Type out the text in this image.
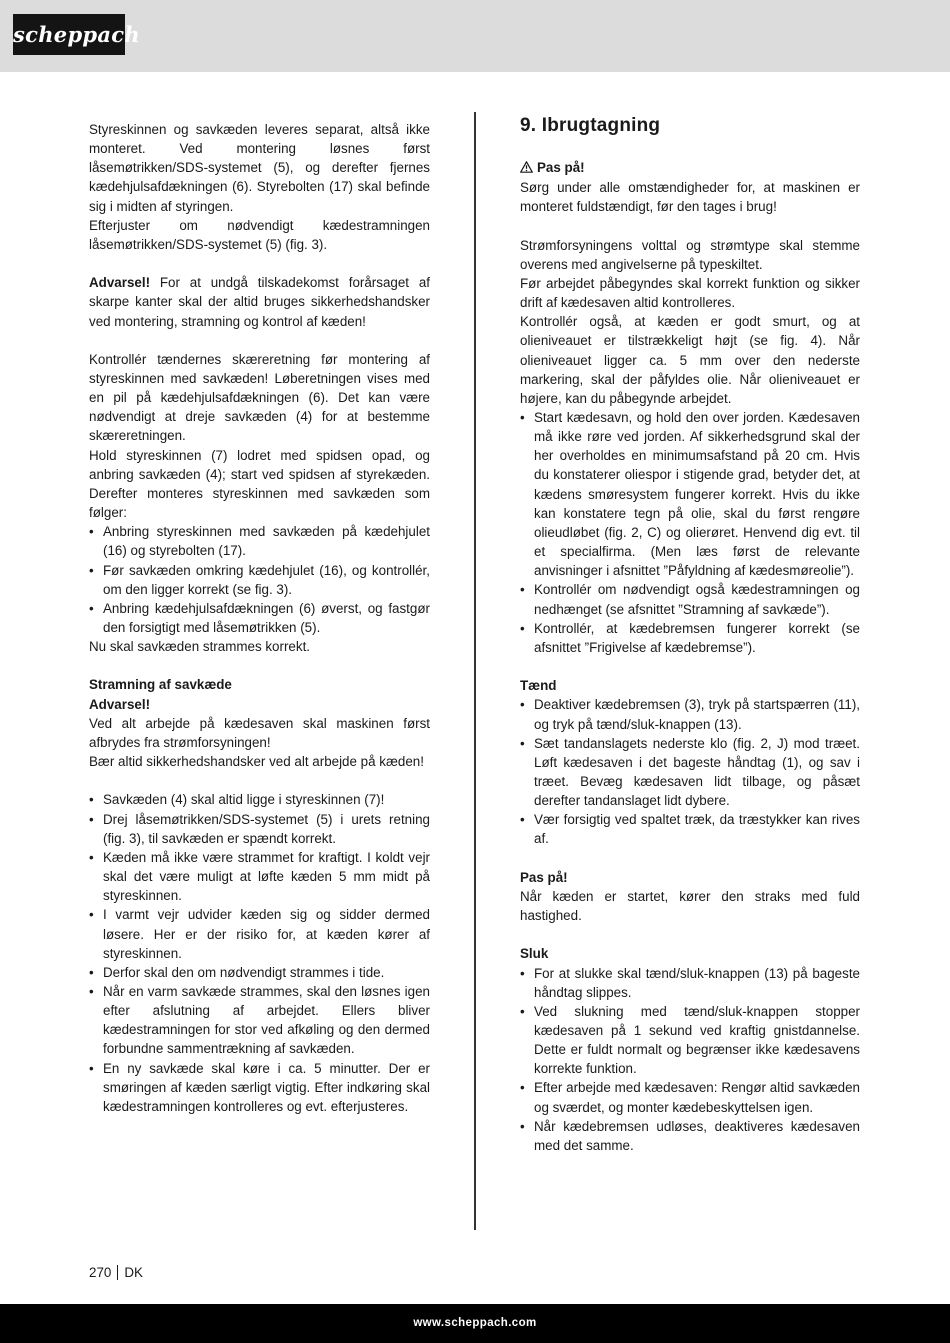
scheppach

Styreskinnen og savkæden leveres separat, altså ikke monteret. Ved montering løsnes først låsemøtrikken/SDS-systemet (5), og derefter fjernes kædehjulsafdækningen (6). Styrebolten (17) skal befinde sig i midten af styringen.

Efterjuster om nødvendigt kædestramningen låsemøtrikken/SDS-systemet (5) (fig. 3).

Advarsel! For at undgå tilskadekomst forårsaget af skarpe kanter skal der altid bruges sikkerhedshandsker ved montering, stramning og kontrol af kæden!

Kontrollér tændernes skæreretning før montering af styreskinnen med savkæden! Løberetningen vises med en pil på kædehjulsafdækningen (6). Det kan være nødvendigt at dreje savkæden (4) for at bestemme skæreretningen.

Hold styreskinnen (7) lodret med spidsen opad, og anbring savkæden (4); start ved spidsen af styrekæden. Derefter monteres styreskinnen med savkæden som følger:

• Anbring styreskinnen med savkæden på kædehjulet (16) og styrebolten (17).
• Før savkæden omkring kædehjulet (16), og kontrollér, om den ligger korrekt (se fig. 3).
• Anbring kædehjulsafdækningen (6) øverst, og fastgør den forsigtigt med låsemøtrikken (5).

Nu skal savkæden strammes korrekt.

Stramning af savkæde

Advarsel!

Ved alt arbejde på kædesaven skal maskinen først afbrydes fra strømforsyningen!

Bær altid sikkerhedshandsker ved alt arbejde på kæden!

• Savkæden (4) skal altid ligge i styreskinnen (7)!
• Drej låsemøtrikken/SDS-systemet (5) i urets retning (fig. 3), til savkæden er spændt korrekt.
• Kæden må ikke være strammet for kraftigt. I koldt vejr skal det være muligt at løfte kæden 5 mm midt på styreskinnen.
• I varmt vejr udvider kæden sig og sidder dermed løsere. Her er der risiko for, at kæden kører af styreskinnen.
• Derfor skal den om nødvendigt strammes i tide.
• Når en varm savkæde strammes, skal den løsnes igen efter afslutning af arbejdet. Ellers bliver kædestramningen for stor ved afkøling og den dermed forbundne sammentrækning af savkæden.
• En ny savkæde skal køre i ca. 5 minutter. Der er smøringen af kæden særligt vigtig. Efter indkøring skal kædestramningen kontrolleres og evt. efterjusteres.
9. Ibrugtagning

Pas på!

Sørg under alle omstændigheder for, at maskinen er monteret fuldstændigt, før den tages i brug!

Strømforsyningens volttal og strømtype skal stemme overens med angivelserne på typeskiltet.

Før arbejdet påbegyndes skal korrekt funktion og sikker drift af kædesaven altid kontrolleres.

Kontrollér også, at kæden er godt smurt, og at olieniveauet er tilstrækkeligt højt (se fig. 4). Når olieniveauet ligger ca. 5 mm over den nederste markering, skal der påfyldes olie. Når olieniveauet er højere, kan du påbegynde arbejdet.

• Start kædesavn, og hold den over jorden. Kædesaven må ikke røre ved jorden. Af sikkerhedsgrund skal der her overholdes en minimumsafstand på 20 cm. Hvis du konstaterer oliespor i stigende grad, betyder det, at kædens smøresystem fungerer korrekt. Hvis du ikke kan konstatere tegn på olie, skal du først rengøre olieudløbet (fig. 2, C) og olierøret. Henvend dig evt. til et specialfirma. (Men læs først de relevante anvisninger i afsnittet ”Påfyldning af kædesmøreolie”).
• Kontrollér om nødvendigt også kædestramningen og nedhænget (se afsnittet ”Stramning af savkæde”).
• Kontrollér, at kædebremsen fungerer korrekt (se afsnittet ”Frigivelse af kædebremse”).

Tænd

• Deaktiver kædebremsen (3), tryk på startspærren (11), og tryk på tænd/sluk-knappen (13).
• Sæt tandanslagets nederste klo (fig. 2, J) mod træet. Løft kædesaven i det bageste håndtag (1), og sav i træet. Bevæg kædesaven lidt tilbage, og påsæt derefter tandanslaget lidt dybere.
• Vær forsigtig ved spaltet træk, da træstykker kan rives af.

Pas på!

Når kæden er startet, kører den straks med fuld hastighed.

Sluk

• For at slukke skal tænd/sluk-knappen (13) på bageste håndtag slippes.
• Ved slukning med tænd/sluk-knappen stopper kædesaven på 1 sekund ved kraftig gnistdannelse. Dette er fuldt normalt og begrænser ikke kædesavens korrekte funktion.
• Efter arbejde med kædesaven: Rengør altid savkæden og sværdet, og monter kædebeskyttelsen igen.
• Når kædebremsen udløses, deaktiveres kædesaven med det samme.
270 DK
www.scheppach.com
